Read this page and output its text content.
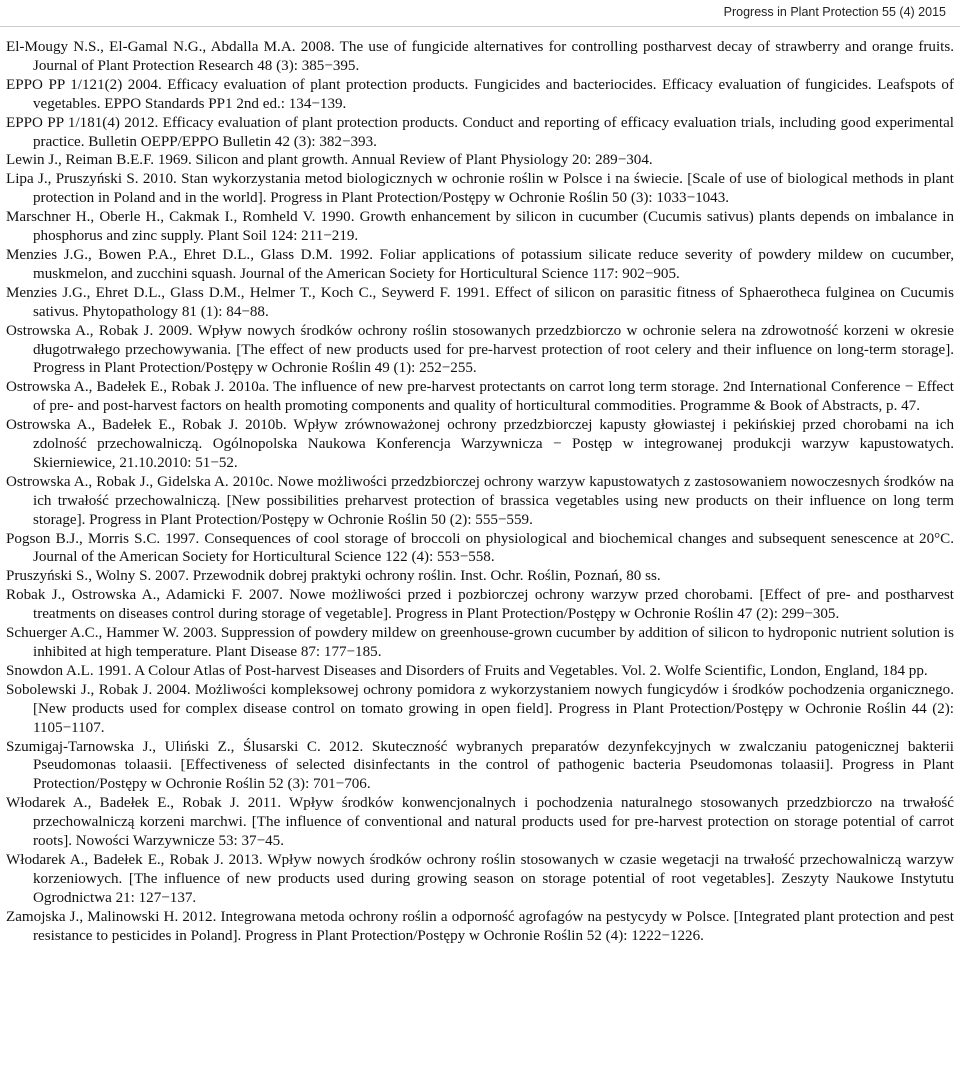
Progress in Plant Protection 55 (4) 2015
El-Mougy N.S., El-Gamal N.G., Abdalla M.A. 2008. The use of fungicide alternatives for controlling postharvest decay of strawberry and orange fruits. Journal of Plant Protection Research 48 (3): 385−395.
EPPO PP 1/121(2) 2004. Efficacy evaluation of plant protection products. Fungicides and bacteriocides. Efficacy evaluation of fungicides. Leafspots of vegetables. EPPO Standards PP1 2nd ed.: 134−139.
EPPO PP 1/181(4) 2012. Efficacy evaluation of plant protection products. Conduct and reporting of efficacy evaluation trials, including good experimental practice. Bulletin OEPP/EPPO Bulletin 42 (3): 382−393.
Lewin J., Reiman B.E.F. 1969. Silicon and plant growth. Annual Review of Plant Physiology 20: 289−304.
Lipa J., Pruszyński S. 2010. Stan wykorzystania metod biologicznych w ochronie roślin w Polsce i na świecie. [Scale of use of biological methods in plant protection in Poland and in the world]. Progress in Plant Protection/Postępy w Ochronie Roślin 50 (3): 1033−1043.
Marschner H., Oberle H., Cakmak I., Romheld V. 1990. Growth enhancement by silicon in cucumber (Cucumis sativus) plants depends on imbalance in phosphorus and zinc supply. Plant Soil 124: 211−219.
Menzies J.G., Bowen P.A., Ehret D.L., Glass D.M. 1992. Foliar applications of potassium silicate reduce severity of powdery mildew on cucumber, muskmelon, and zucchini squash. Journal of the American Society for Horticultural Science 117: 902−905.
Menzies J.G., Ehret D.L., Glass D.M., Helmer T., Koch C., Seywerd F. 1991. Effect of silicon on parasitic fitness of Sphaerotheca fulginea on Cucumis sativus. Phytopathology 81 (1): 84−88.
Ostrowska A., Robak J. 2009. Wpływ nowych środków ochrony roślin stosowanych przedzbiorczo w ochronie selera na zdrowotność korzeni w okresie długotrwałego przechowywania. [The effect of new products used for pre-harvest protection of root celery and their influence on long-term storage]. Progress in Plant Protection/Postępy w Ochronie Roślin 49 (1): 252−255.
Ostrowska A., Badełek E., Robak J. 2010a. The influence of new pre-harvest protectants on carrot long term storage. 2nd International Conference − Effect of pre- and post-harvest factors on health promoting components and quality of horticultural commodities. Programme & Book of Abstracts, p. 47.
Ostrowska A., Badełek E., Robak J. 2010b. Wpływ zrównoważonej ochrony przedzbiorczej kapusty głowiastej i pekińskiej przed chorobami na ich zdolność przechowalniczą. Ogólnopolska Naukowa Konferencja Warzywnicza − Postęp w integrowanej produkcji warzyw kapustowatych. Skierniewice, 21.10.2010: 51−52.
Ostrowska A., Robak J., Gidelska A. 2010c. Nowe możliwości przedzbiorczej ochrony warzyw kapustowatych z zastosowaniem nowoczesnych środków na ich trwałość przechowalniczą. [New possibilities preharvest protection of brassica vegetables using new products on their influence on long term storage]. Progress in Plant Protection/Postępy w Ochronie Roślin 50 (2): 555−559.
Pogson B.J., Morris S.C. 1997. Consequences of cool storage of broccoli on physiological and biochemical changes and subsequent senescence at 20°C. Journal of the American Society for Horticultural Science 122 (4): 553−558.
Pruszyński S., Wolny S. 2007. Przewodnik dobrej praktyki ochrony roślin. Inst. Ochr. Roślin, Poznań, 80 ss.
Robak J., Ostrowska A., Adamicki F. 2007. Nowe możliwości przed i pozbiorczej ochrony warzyw przed chorobami. [Effect of pre- and postharvest treatments on diseases control during storage of vegetable]. Progress in Plant Protection/Postępy w Ochronie Roślin 47 (2): 299−305.
Schuerger A.C., Hammer W. 2003. Suppression of powdery mildew on greenhouse-grown cucumber by addition of silicon to hydroponic nutrient solution is inhibited at high temperature. Plant Disease 87: 177−185.
Snowdon A.L. 1991. A Colour Atlas of Post-harvest Diseases and Disorders of Fruits and Vegetables. Vol. 2. Wolfe Scientific, London, England, 184 pp.
Sobolewski J., Robak J. 2004. Możliwości kompleksowej ochrony pomidora z wykorzystaniem nowych fungicydów i środków pochodzenia organicznego. [New products used for complex disease control on tomato growing in open field]. Progress in Plant Protection/Postępy w Ochronie Roślin 44 (2): 1105−1107.
Szumigaj-Tarnowska J., Uliński Z., Ślusarski C. 2012. Skuteczność wybranych preparatów dezynfekcyjnych w zwalczaniu patogenicznej bakterii Pseudomonas tolaasii. [Effectiveness of selected disinfectants in the control of pathogenic bacteria Pseudomonas tolaasii]. Progress in Plant Protection/Postępy w Ochronie Roślin 52 (3): 701−706.
Włodarek A., Badełek E., Robak J. 2011. Wpływ środków konwencjonalnych i pochodzenia naturalnego stosowanych przedzbiorczo na trwałość przechowalniczą korzeni marchwi. [The influence of conventional and natural products used for pre-harvest protection on storage potential of carrot roots]. Nowości Warzywnicze 53: 37−45.
Włodarek A., Badełek E., Robak J. 2013. Wpływ nowych środków ochrony roślin stosowanych w czasie wegetacji na trwałość przechowalniczą warzyw korzeniowych. [The influence of new products used during growing season on storage potential of root vegetables]. Zeszyty Naukowe Instytutu Ogrodnictwa 21: 127−137.
Zamojska J., Malinowski H. 2012. Integrowana metoda ochrony roślin a odporność agrofagów na pestycydy w Polsce. [Integrated plant protection and pest resistance to pesticides in Poland]. Progress in Plant Protection/Postępy w Ochronie Roślin 52 (4): 1222−1226.
